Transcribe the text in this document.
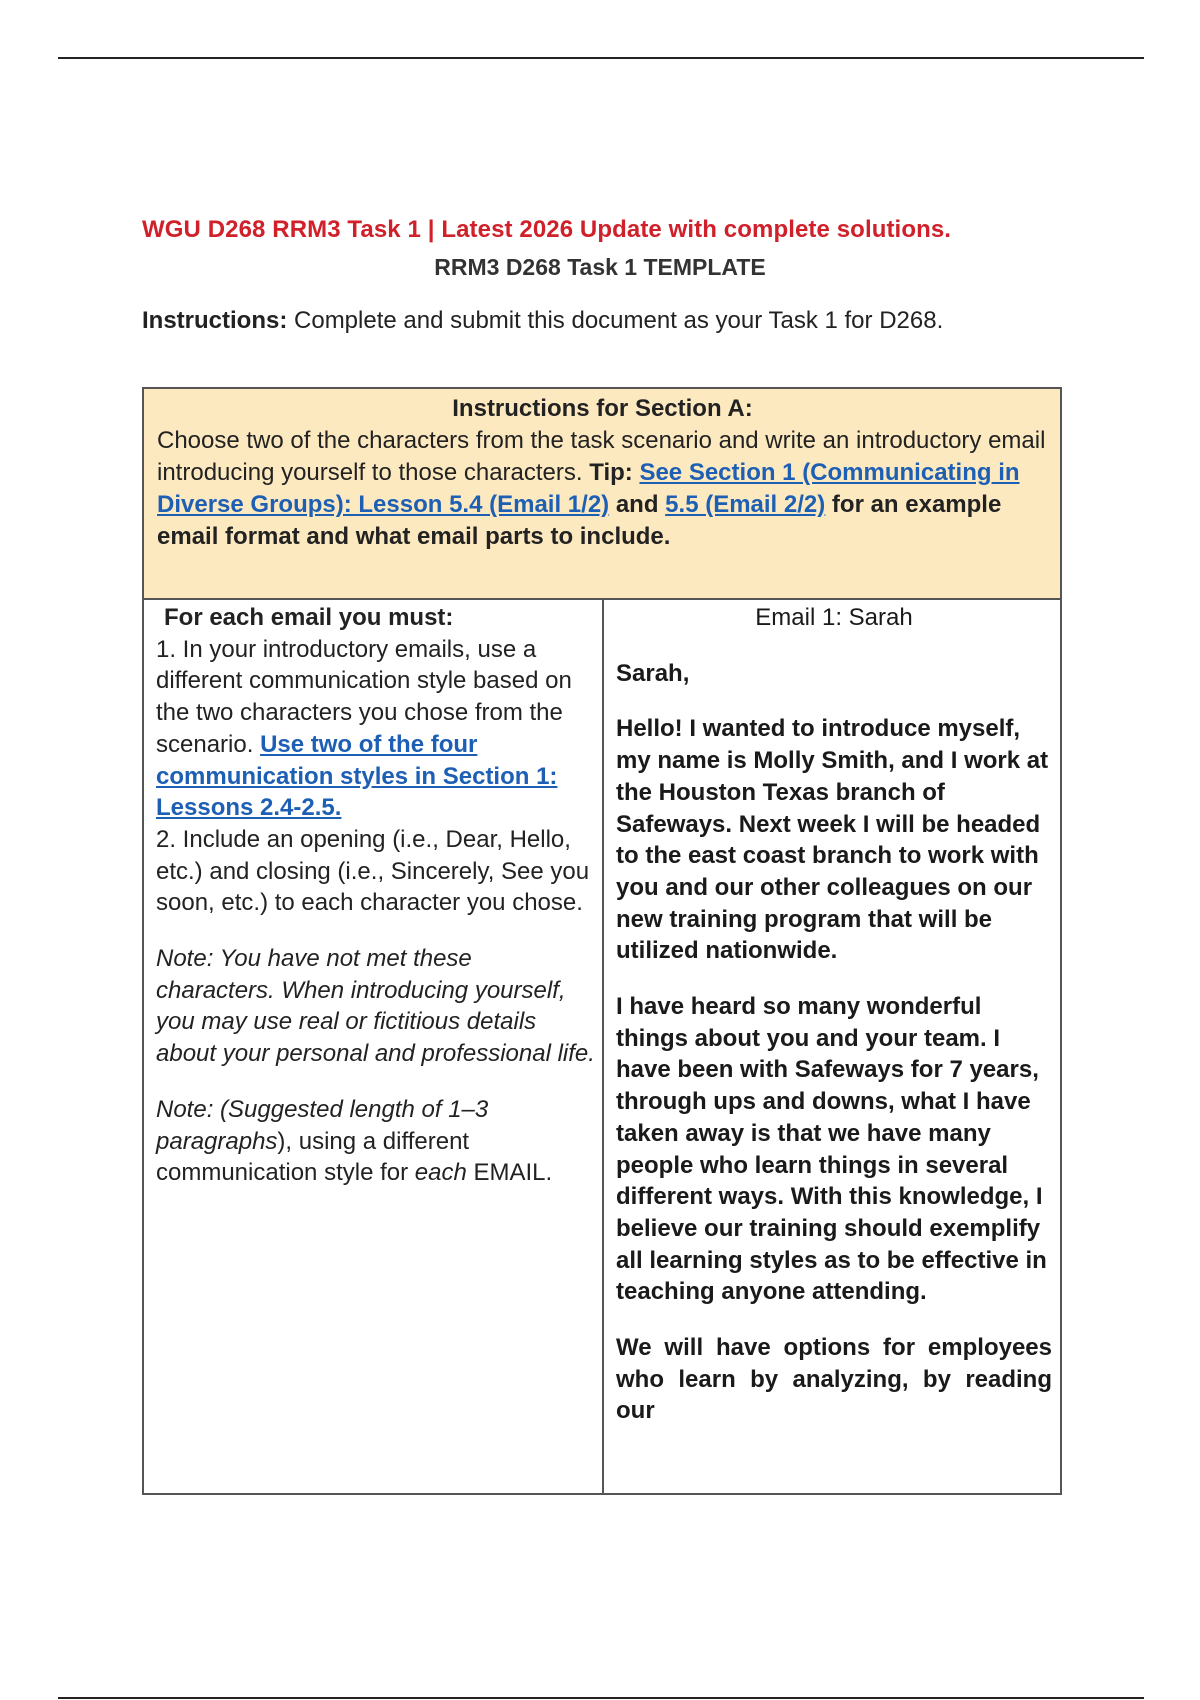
WGU D268 RRM3 Task 1 | Latest 2026 Update with complete solutions.
RRM3 D268 Task 1 TEMPLATE
Instructions: Complete and submit this document as your Task 1 for D268.
Instructions for Section A:
Choose two of the characters from the task scenario and write an introductory email introducing yourself to those characters. Tip: See Section 1 (Communicating in Diverse Groups): Lesson 5.4 (Email 1/2) and 5.5 (Email 2/2) for an example email format and what email parts to include.
For each email you must:
1. In your introductory emails, use a different communication style based on the two characters you chose from the scenario. Use two of the four communication styles in Section 1: Lessons 2.4-2.5.
2. Include an opening (i.e., Dear, Hello, etc.) and closing (i.e., Sincerely, See you soon, etc.) to each character you chose.
Note: You have not met these characters. When introducing yourself, you may use real or fictitious details about your personal and professional life.
Note: (Suggested length of 1–3 paragraphs), using a different communication style for each EMAIL.
Email 1: Sarah

Sarah,

Hello! I wanted to introduce myself, my name is Molly Smith, and I work at the Houston Texas branch of Safeways. Next week I will be headed to the east coast branch to work with you and our other colleagues on our new training program that will be utilized nationwide.

I have heard so many wonderful things about you and your team. I have been with Safeways for 7 years, through ups and downs, what I have taken away is that we have many people who learn things in several different ways. With this knowledge, I believe our training should exemplify all learning styles as to be effective in teaching anyone attending.

We will have options for employees who learn by analyzing, by reading our
